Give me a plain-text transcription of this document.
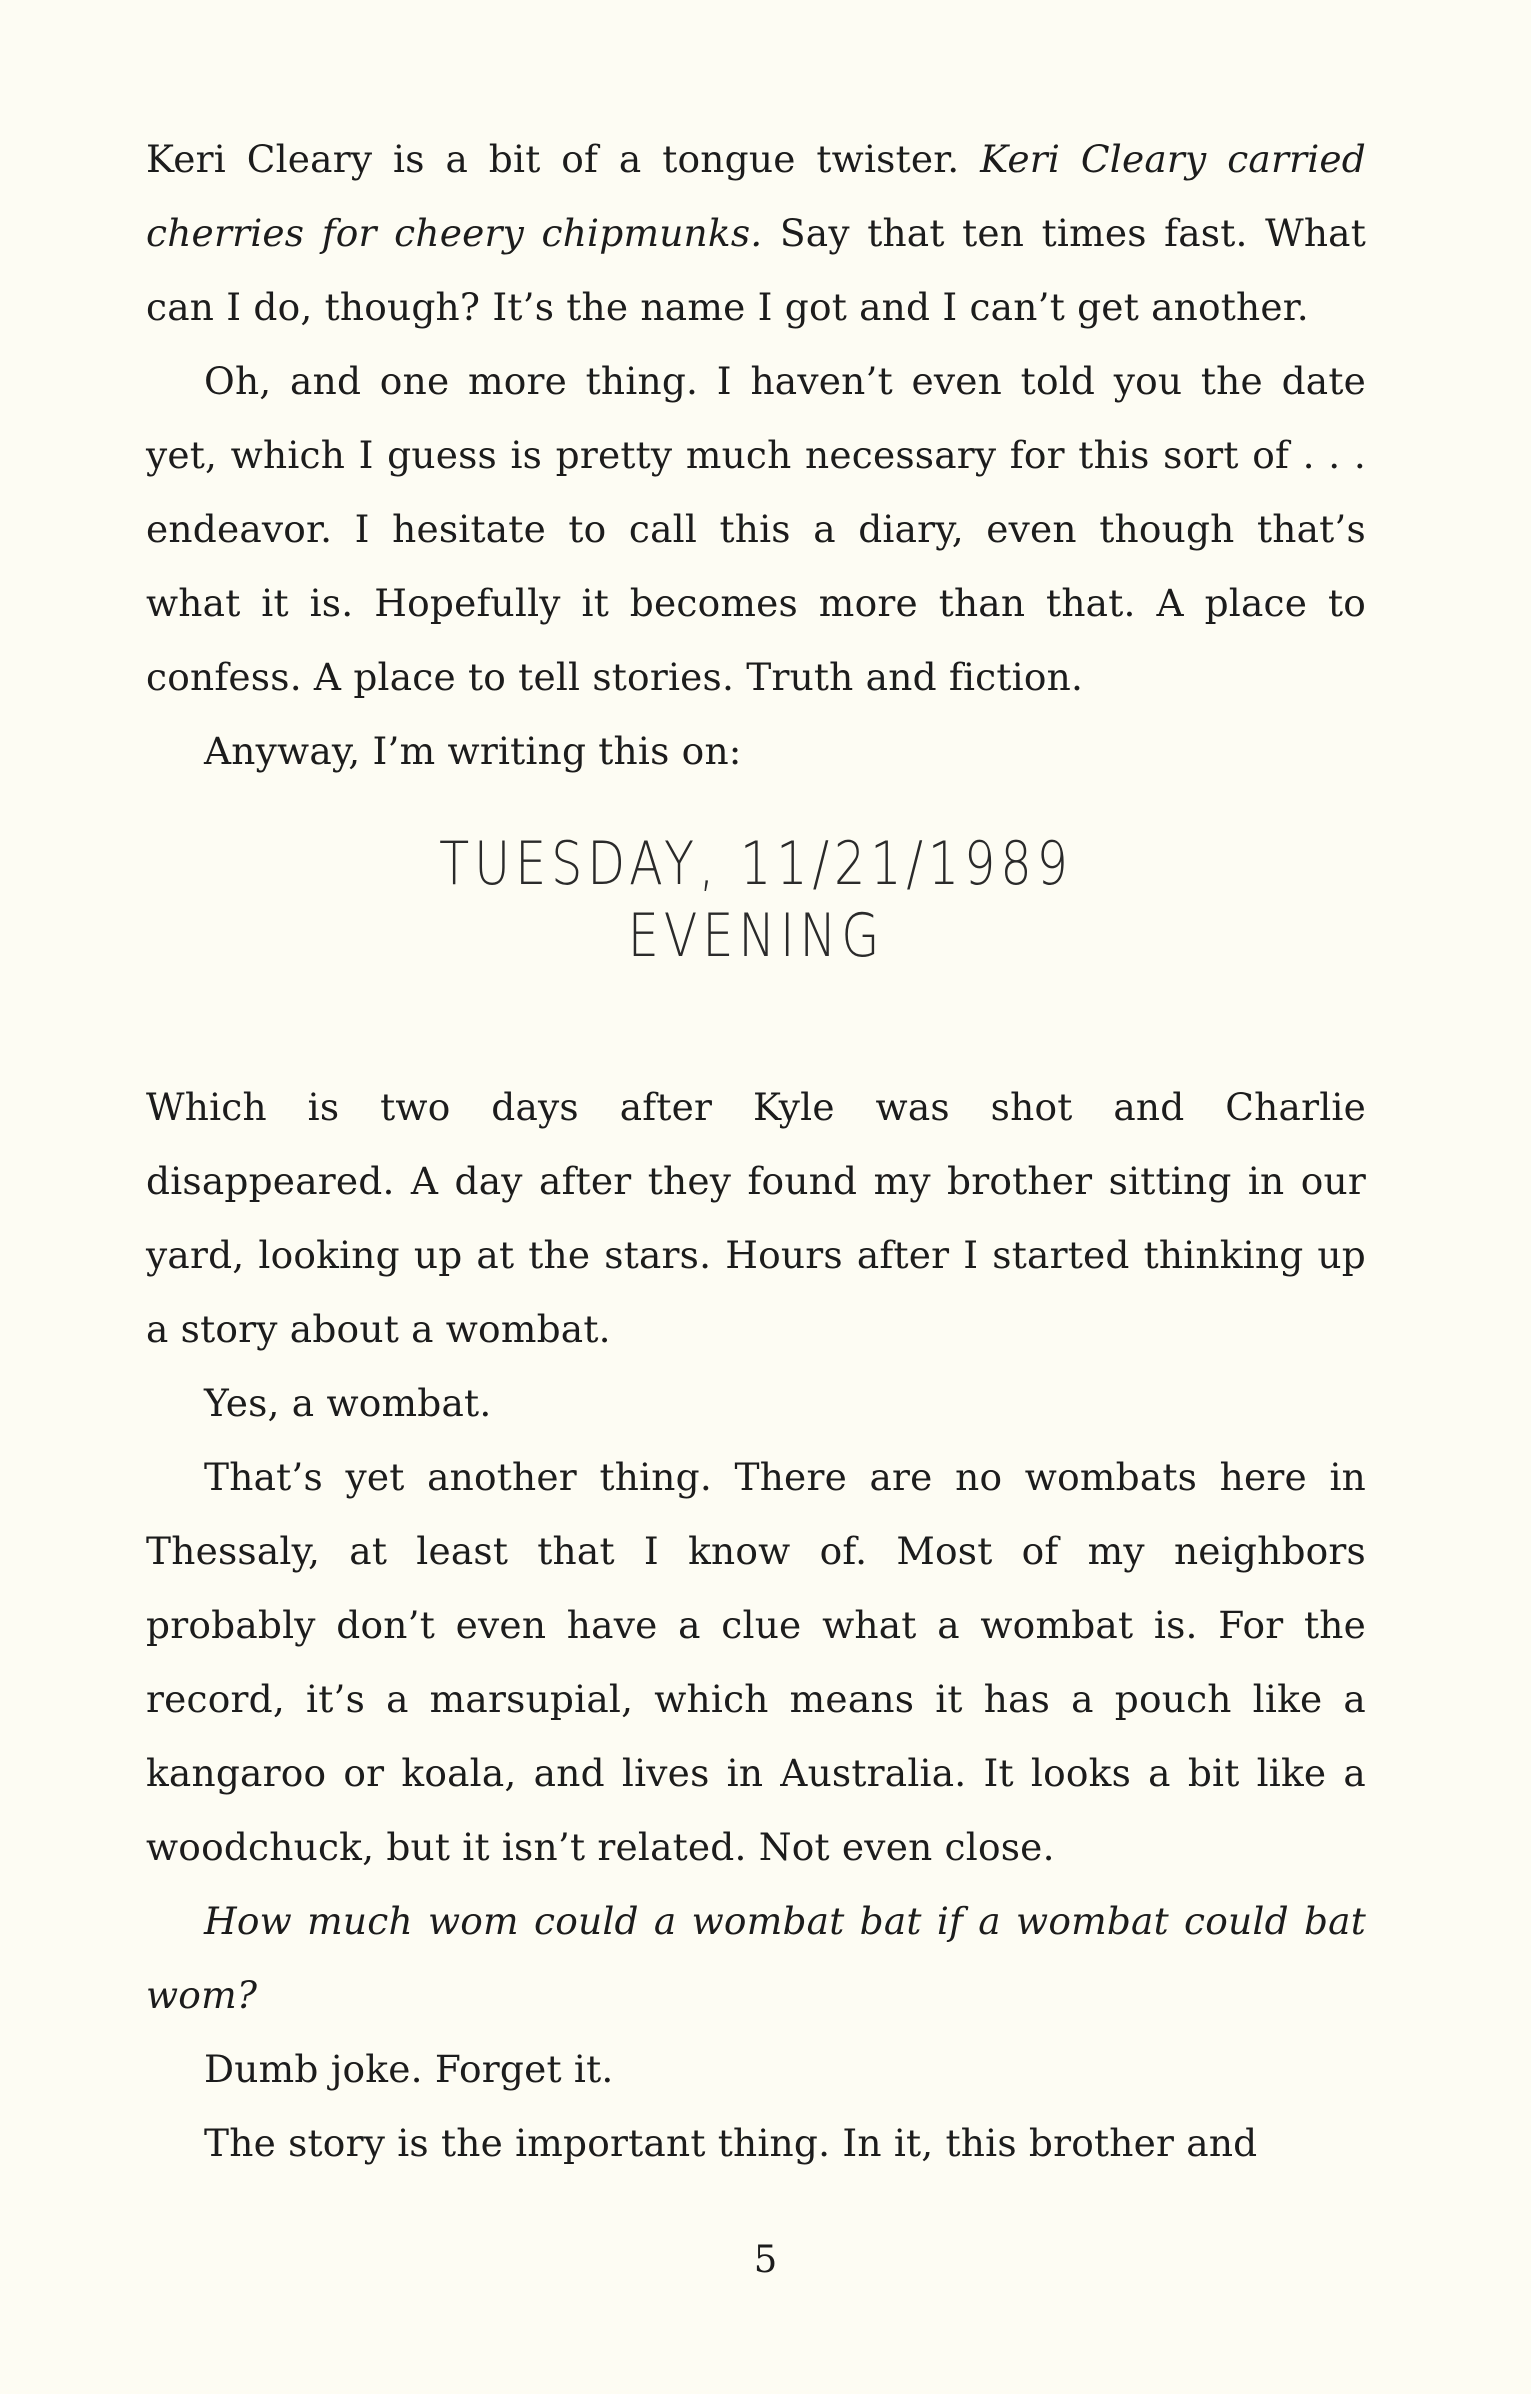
Keri Cleary is a bit of a tongue twister. Keri Cleary carried cherries for cheery chipmunks. Say that ten times fast. What can I do, though? It’s the name I got and I can’t get another.

Oh, and one more thing. I haven’t even told you the date yet, which I guess is pretty much necessary for this sort of . . . endeavor. I hesitate to call this a diary, even though that’s what it is. Hopefully it becomes more than that. A place to confess. A place to tell stories. Truth and fiction.

Anyway, I’m writing this on:

TUESDAY, 11/21/1989
EVENING

Which is two days after Kyle was shot and Charlie disappeared. A day after they found my brother sitting in our yard, looking up at the stars. Hours after I started thinking up a story about a wombat.

Yes, a wombat.

That’s yet another thing. There are no wombats here in Thessaly, at least that I know of. Most of my neighbors probably don’t even have a clue what a wombat is. For the record, it’s a marsupial, which means it has a pouch like a kangaroo or koala, and lives in Australia. It looks a bit like a woodchuck, but it isn’t related. Not even close.

How much wom could a wombat bat if a wombat could bat wom?

Dumb joke. Forget it.

The story is the important thing. In it, this brother and

5
